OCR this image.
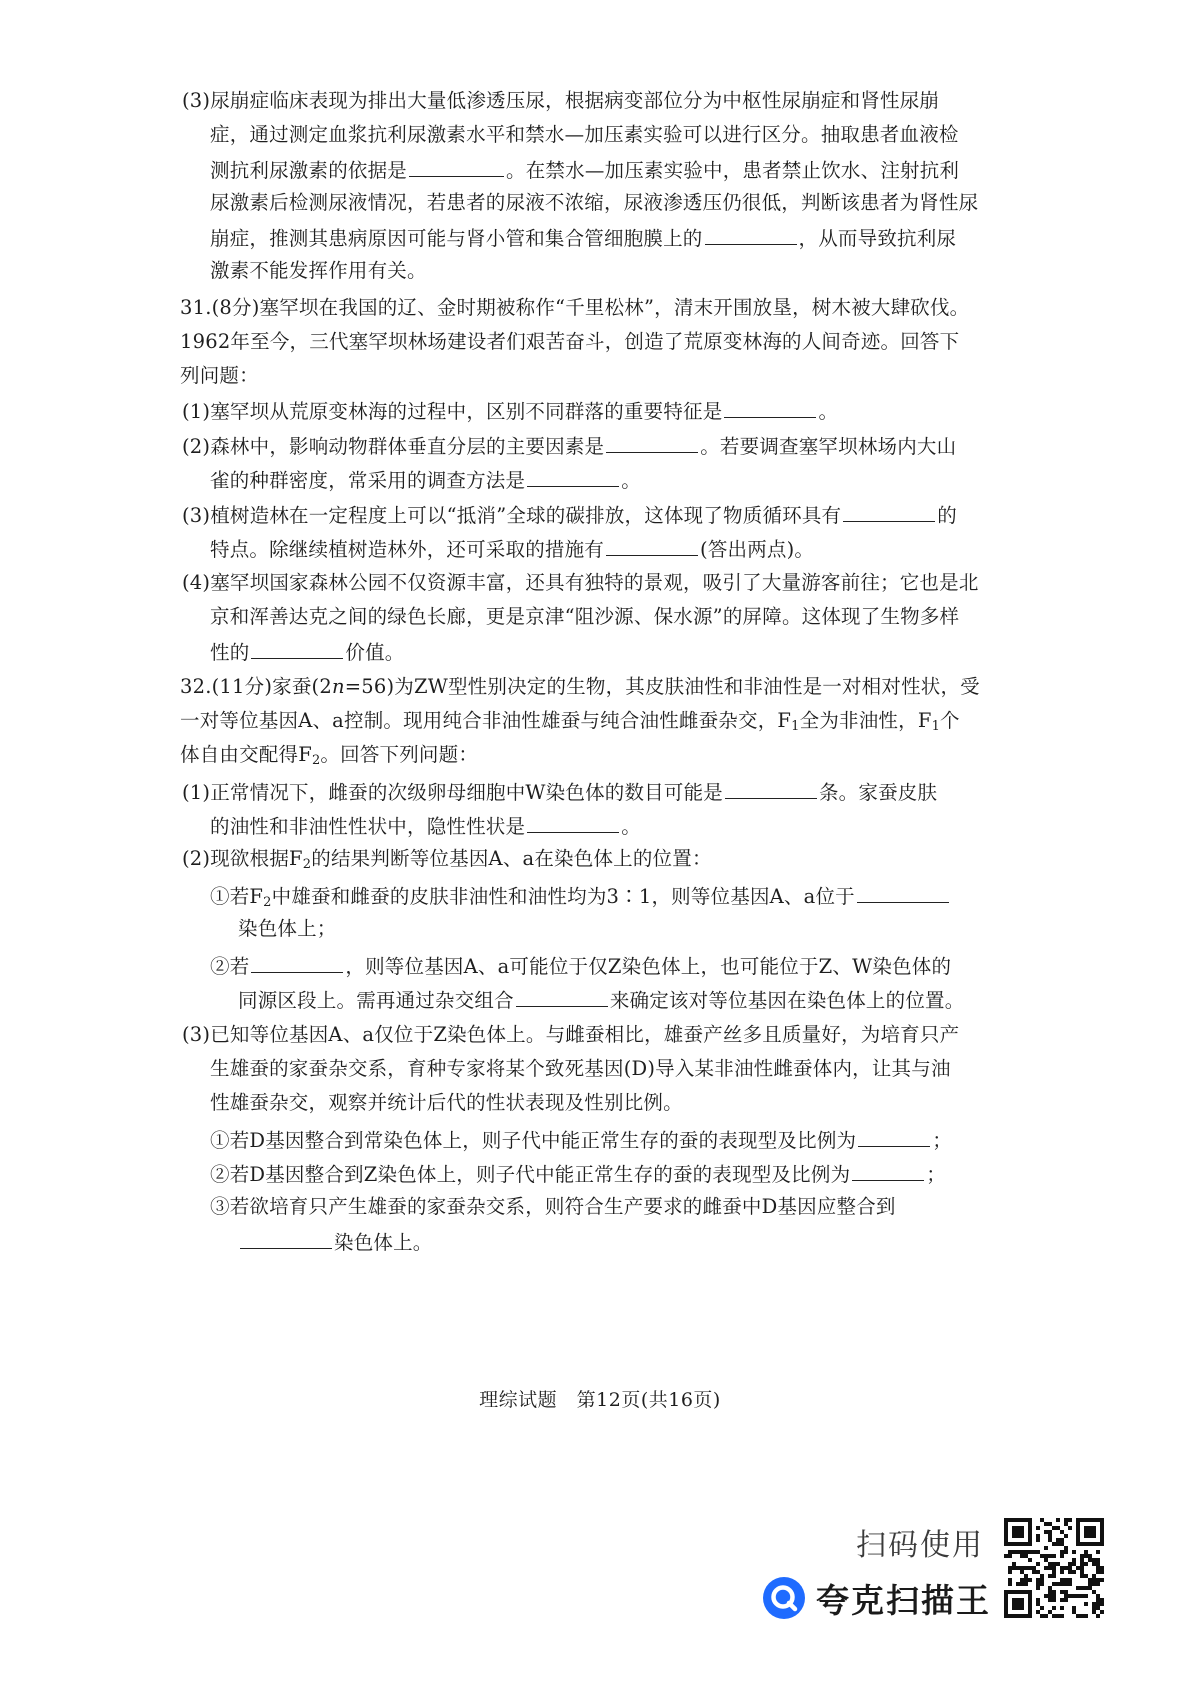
(3)尿崩症临床表现为排出大量低渗透压尿，根据病变部位分为中枢性尿崩症和肾性尿崩
症，通过测定血浆抗利尿激素水平和禁水—加压素实验可以进行区分。抽取患者血液检
测抗利尿激素的依据是	。在禁水—加压素实验中，患者禁止饮水、注射抗利
尿激素后检测尿液情况，若患者的尿液不浓缩，尿液渗透压仍很低，判断该患者为肾性尿
崩症，推测其患病原因可能与肾小管和集合管细胞膜上的	，从而导致抗利尿
激素不能发挥作用有关。
31.(8分)塞罕坝在我国的辽、金时期被称作“千里松林”，清末开围放垦，树木被大肆砍伐。
1962年至今，三代塞罕坝林场建设者们艰苦奋斗，创造了荒原变林海的人间奇迹。回答下
列问题：
(1)塞罕坝从荒原变林海的过程中，区别不同群落的重要特征是	。
(2)森林中，影响动物群体垂直分层的主要因素是	。若要调查塞罕坝林场内大山
雀的种群密度，常采用的调查方法是	。
(3)植树造林在一定程度上可以“抵消”全球的碳排放，这体现了物质循环具有	的
特点。除继续植树造林外，还可采取的措施有	(答出两点)。
(4)塞罕坝国家森林公园不仅资源丰富，还具有独特的景观，吸引了大量游客前往；它也是北
京和浑善达克之间的绿色长廊，更是京津“阻沙源、保水源”的屏障。这体现了生物多样
性的	价值。
32.(11分)家蚕(2n=56)为ZW型性别决定的生物，其皮肤油性和非油性是一对相对性状，受
一对等位基因A、a控制。现用纯合非油性雄蚕与纯合油性雌蚕杂交，$F_1$全为非油性，$F_1$个
体自由交配得$F_2$。回答下列问题：
(1)正常情况下，雌蚕的次级卵母细胞中W染色体的数目可能是	条。家蚕皮肤
的油性和非油性性状中，隐性性状是	。
(2)现欲根据$F_2$的结果判断等位基因A、a在染色体上的位置：
①若$F_2$中雄蚕和雌蚕的皮肤非油性和油性均为3∶1，则等位基因A、a位于
染色体上；
②若	，则等位基因A、a可能位于仅Z染色体上，也可能位于Z、W染色体的
同源区段上。需再通过杂交组合	来确定该对等位基因在染色体上的位置。
(3)已知等位基因A、a仅位于Z染色体上。与雌蚕相比，雄蚕产丝多且质量好，为培育只产
生雄蚕的家蚕杂交系，育种专家将某个致死基因(D)导入某非油性雌蚕体内，让其与油
性雄蚕杂交，观察并统计后代的性状表现及性别比例。
①若D基因整合到常染色体上，则子代中能正常生存的蚕的表现型及比例为	；
②若D基因整合到Z染色体上，则子代中能正常生存的蚕的表现型及比例为	；
③若欲培育只产生雄蚕的家蚕杂交系，则符合生产要求的雌蚕中D基因应整合到
染色体上。
理综试题　第12页(共16页)
扫码使用
夸克扫描王
